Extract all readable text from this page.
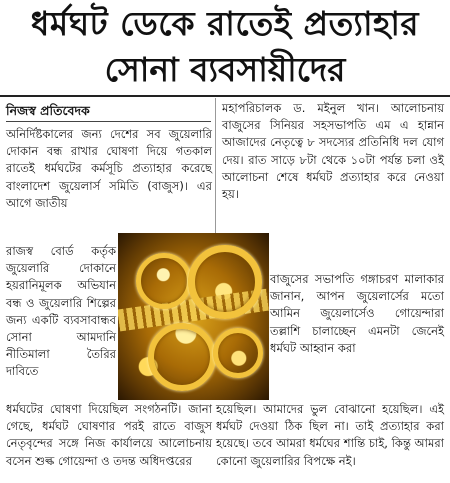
ধর্মঘট ডেকে রাতেই প্রত্যাহার
সোনা ব্যবসায়ীদের
নিজস্ব প্রতিবেদক
অনির্দিষ্টকালের জন্য দেশের সব জুয়েলারি দোকান বন্ধ রাখার ঘোষণা দিয়ে গতকাল রাতেই ধর্মঘটের কর্মসূচি প্রত্যাহার করেছে বাংলাদেশ জুয়েলার্স সমিতি (বাজুস)। এর আগে জাতীয়
মহাপরিচালক ড. মইনুল খান। আলোচনায় বাজুসের সিনিয়র সহসভাপতি এম এ হান্নান আজাদের নেতৃত্বে ৮ সদস্যের প্রতিনিধি দল যোগ দেয়। রাত সাড়ে ৮টা থেকে ১০টা পর্যন্ত চলা ওই আলোচনা শেষে ধর্মঘট প্রত্যাহার করে নেওয়া হয়।
রাজস্ব বোর্ড কর্তৃক জুয়েলারি দোকানে হয়রানিমূলক অভিযান বন্ধ ও জুয়েলারি শিল্পের জন্য একটি ব্যবসাবান্ধব সোনা আমদানি নীতিমালা তৈরির দাবিতে
বাজুসের সভাপতি গঙ্গাচরণ মালাকার জানান, আপন জুয়েলার্সের মতো আমিন জুয়েলার্সেও গোয়েন্দারা তল্লাশি চালাচ্ছেন এমনটা জেনেই ধর্মঘট আহ্বান করা
ধর্মঘটের ঘোষণা দিয়েছিল সংগঠনটি। জানা গেছে, ধর্মঘট ঘোষণার পরই রাতে বাজুস নেতৃবৃন্দের সঙ্গে নিজ কার্যালয়ে আলোচনায় বসেন শুল্ক গোয়েন্দা ও তদন্ত অধিদপ্তরের
হয়েছিল। আমাদের ভুল বোঝানো হয়েছিল। এই ধর্মঘট দেওয়া ঠিক ছিল না। তাই প্রত্যাহার করা হয়েছে। তবে আমরা ধর্মঘের শান্তি চাই, কিন্তু আমরা কোনো জুয়েলারির বিপক্ষে নই।
